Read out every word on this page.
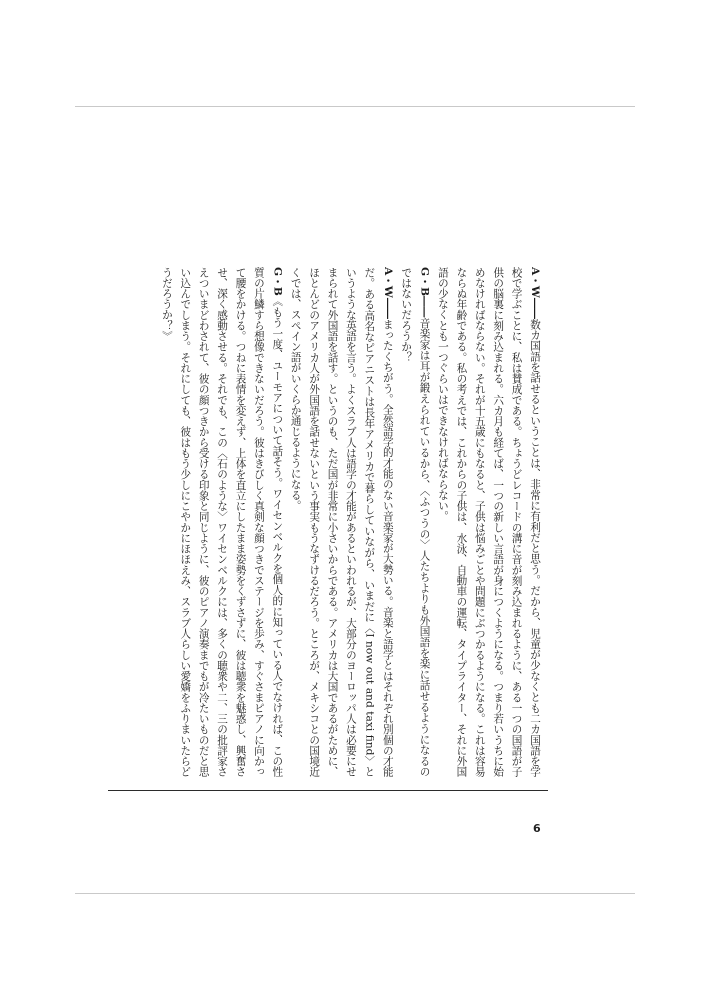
A・W――数カ国語を話せるということは、非常に有利だと思う。だから、児童が少なくとも二カ国語を学校で学ぶことに、私は賛成である。ちょうどレコードの溝に音が刻み込まれるように、ある一つの国語が子供の脳裏に刻み込まれる。六カ月も経てば、一つの新しい言語が身につくようになる。つまり若いうちに始めなければならない。それが十五歳にもなると、子供は悩みごとや問題にぶつかるようになる。これは容易ならぬ年齢である。私の考えでは、これからの子供は、水泳、自動車の運転、タイプライター、それに外国語の少なくとも一つぐらいはできなければならない。

G・B――音楽家は耳が鍛えられているから、〈ふつうの〉人たちよりも外国語を楽に話せるようになるのではないだろうか？

A・W――まったくちがう。全然語学的才能のない音楽家が大勢いる。音楽と語学とはそれぞれ別個の才能だ。ある高名なピアニストは長年アメリカで暮らしていながら、いまだに〈I now out and taxi find〉というような英語を言う。よくスラブ人は語学の才能があるといわれるが、大部分のヨーロッパ人は必要にせまられて外国語を話す。というのも、ただ国が非常に小さいからである。アメリカは大国であるがために、ほとんどのアメリカ人が外国語を話せないという事実もうなずけるだろう。ところが、メキシコとの国境近くでは、スペイン語がいくらか通じるようになる。

G・B《もう一度、ユーモアについて話そう。ワイセンベルクを個人的に知っている人でなければ、この性質の片鱗すら想像できないだろう。彼はきびしく真剣な顔つきでステージを歩み、すぐさまピアノに向かって腰をかける。つねに表情を変えず、上体を直立にしたまま姿勢をくずさずに、彼は聴衆を魅惑し、興奮させ、深く感動させる。それでも、この〈石のような〉ワイセンベルクには、多くの聴衆や二、三の批評家さえついまどわされて、彼の顔つきから受ける印象と同じように、彼のピアノ演奏までもが冷たいものだと思い込んでしまう。それにしても、彼はもう少しにこやかにほほえみ、スラブ人らしい愛嬌をふりまいたらどうだろうか？》

6
